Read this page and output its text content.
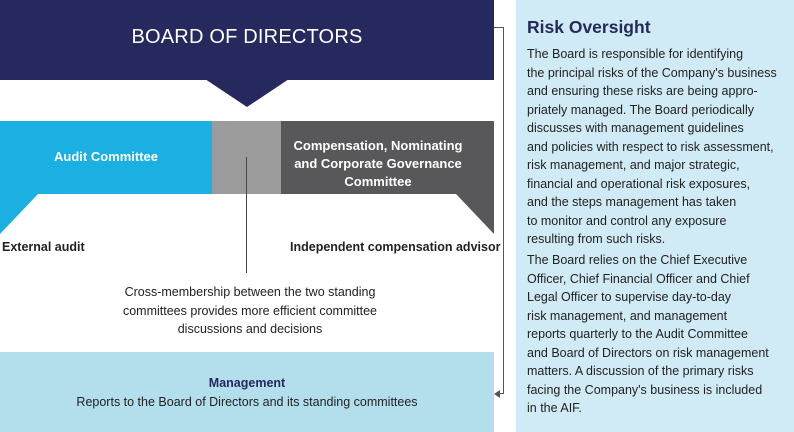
BOARD OF DIRECTORS
Audit Committee
Compensation, Nominating
and Corporate Governance
Committee
External audit	Independent compensation advisor
Cross-membership between the two standing
committees provides more efficient committee
discussions and decisions
Management
Reports to the Board of Directors and its standing committees
Risk Oversight
The Board is responsible for identifying
the principal risks of the Company's business
and ensuring these risks are being appro-
priately managed. The Board periodically
discusses with management guidelines
and policies with respect to risk assessment,
risk management, and major strategic,
financial and operational risk exposures,
and the steps management has taken
to monitor and control any exposure
resulting from such risks.
The Board relies on the Chief Executive
Officer, Chief Financial Officer and Chief
Legal Officer to supervise day-to-day
risk management, and management
reports quarterly to the Audit Committee
and Board of Directors on risk management
matters. A discussion of the primary risks
facing the Company's business is included
in the AIF.
